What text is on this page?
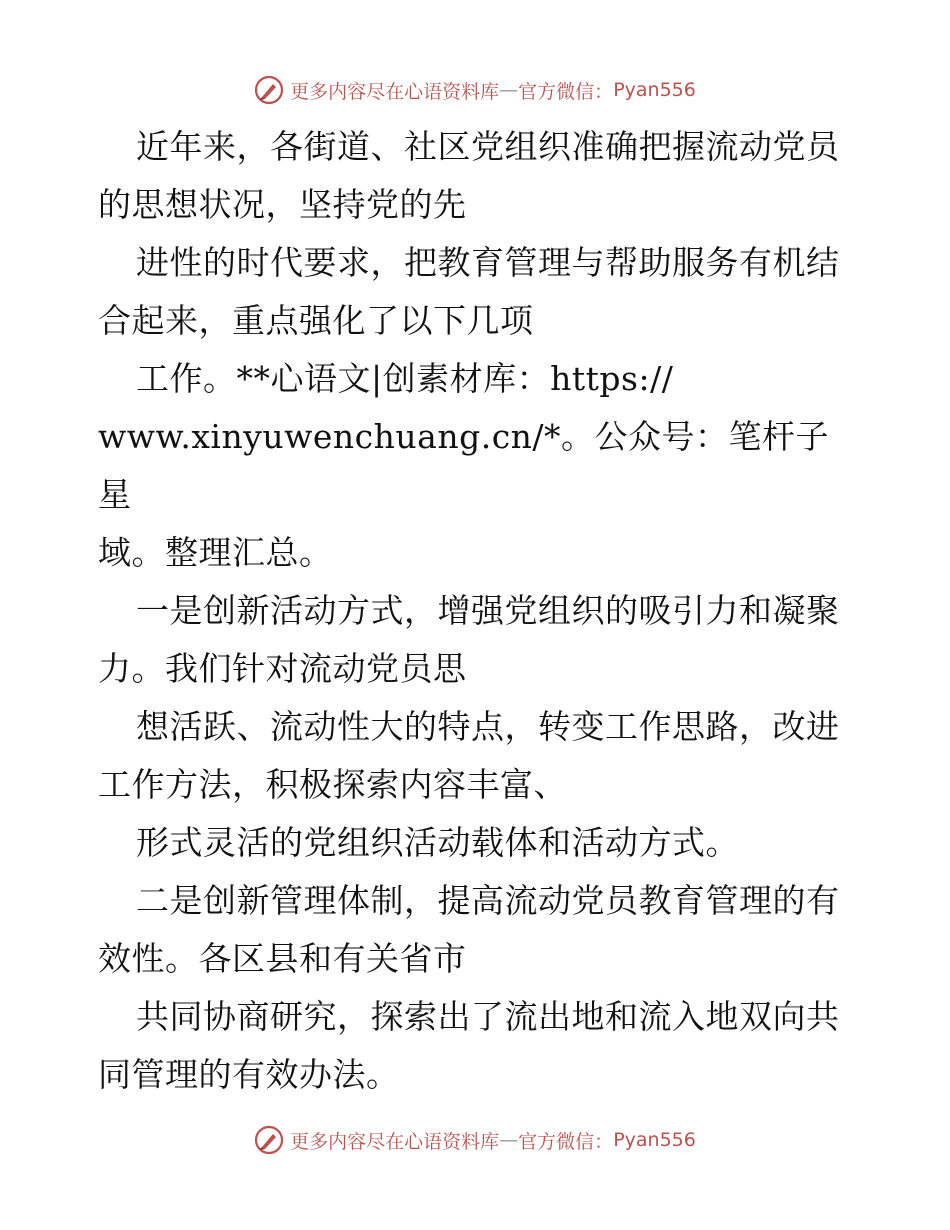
更多内容尽在心语资料库 — 官方微信： Pyan556

近年来，各街道、社区党组织准确把握流动党员的思想状况，坚持党的先

进性的时代要求，把教育管理与帮助服务有机结合起来，重点强化了以下几项

工作。**心语文|创素材库：https://

www.xinyuwenchuang.cn/*。公众号：笔杆子星

域。整理汇总。

一是创新活动方式，增强党组织的吸引力和凝聚力。我们针对流动党员思

想活跃、流动性大的特点，转变工作思路，改进工作方法，积极探索内容丰富、

形式灵活的党组织活动载体和活动方式。

二是创新管理体制，提高流动党员教育管理的有效性。各区县和有关省市

共同协商研究，探索出了流出地和流入地双向共同管理的有效办法。

更多内容尽在心语资料库 — 官方微信： Pyan556
